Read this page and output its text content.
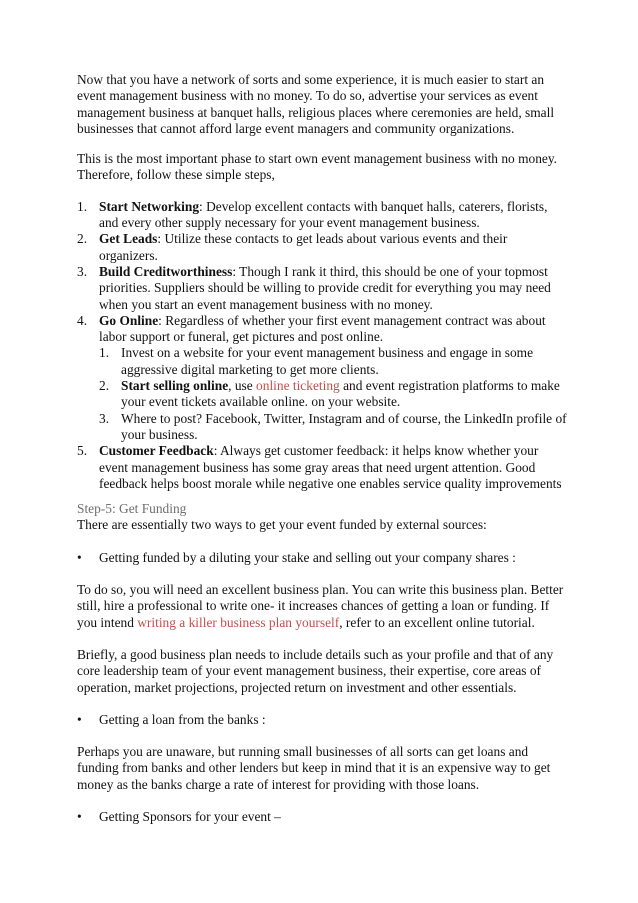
Now that you have a network of sorts and some experience, it is much easier to start an event management business with no money. To do so, advertise your services as event management business at banquet halls, religious places where ceremonies are held, small businesses that cannot afford large event managers and community organizations.

This is the most important phase to start own event management business with no money. Therefore, follow these simple steps,

1. Start Networking: Develop excellent contacts with banquet halls, caterers, florists, and every other supply necessary for your event management business.
2. Get Leads: Utilize these contacts to get leads about various events and their organizers.
3. Build Creditworthiness: Though I rank it third, this should be one of your topmost priorities. Suppliers should be willing to provide credit for everything you may need when you start an event management business with no money.
4. Go Online: Regardless of whether your first event management contract was about labor support or funeral, get pictures and post online.
1. Invest on a website for your event management business and engage in some aggressive digital marketing to get more clients.
2. Start selling online, use online ticketing and event registration platforms to make your event tickets available online. on your website.
3. Where to post? Facebook, Twitter, Instagram and of course, the LinkedIn profile of your business.
5. Customer Feedback: Always get customer feedback: it helps know whether your event management business has some gray areas that need urgent attention. Good feedback helps boost morale while negative one enables service quality improvements

Step-5: Get Funding

There are essentially two ways to get your event funded by external sources:

• Getting funded by a diluting your stake and selling out your company shares :

To do so, you will need an excellent business plan. You can write this business plan. Better still, hire a professional to write one- it increases chances of getting a loan or funding. If you intend writing a killer business plan yourself, refer to an excellent online tutorial.

Briefly, a good business plan needs to include details such as your profile and that of any core leadership team of your event management business, their expertise, core areas of operation, market projections, projected return on investment and other essentials.

• Getting a loan from the banks :

Perhaps you are unaware, but running small businesses of all sorts can get loans and funding from banks and other lenders but keep in mind that it is an expensive way to get money as the banks charge a rate of interest for providing with those loans.

• Getting Sponsors for your event –
